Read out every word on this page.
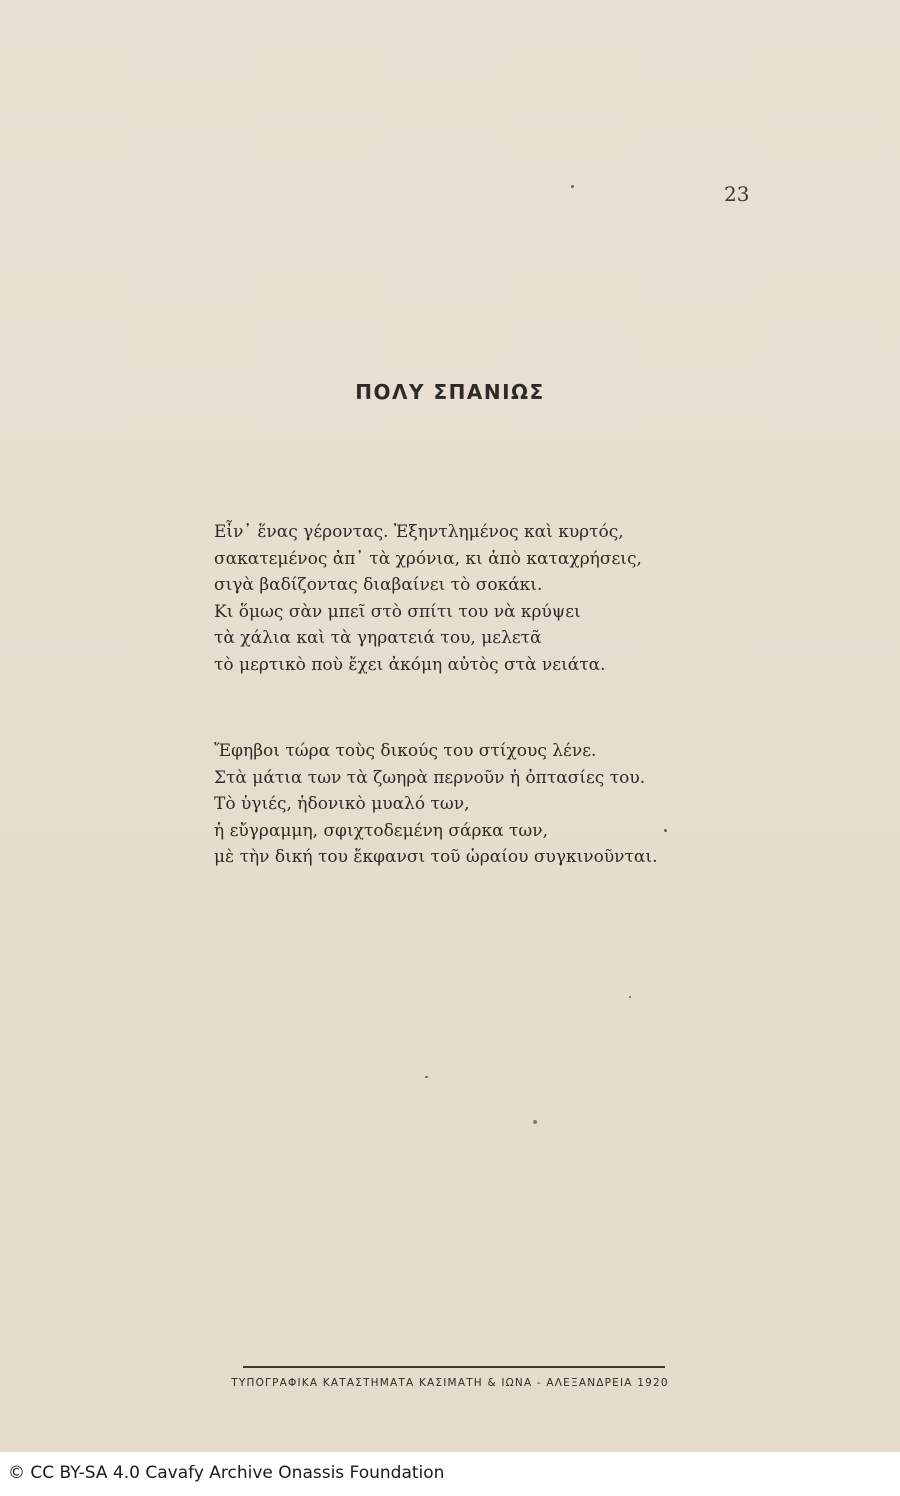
23
ΠΟΛΥ ΣΠΑΝΙΩΣ
Εἶν᾽ ἕνας γέροντας. Ἐξηντλημένος καὶ κυρτός,
σακατεμένος ἀπ᾽ τὰ χρόνια, κι ἀπὸ καταχρήσεις,
σιγὰ βαδίζοντας διαβαίνει τὸ σοκάκι.
Κι ὅμως σὰν μπεῖ στὸ σπίτι του νὰ κρύψει
τὰ χάλια καὶ τὰ γηρατειά του, μελετᾶ
τὸ μερτικὸ ποὺ ἔχει ἀκόμη αὐτὸς στὰ νειάτα.
Ἔφηβοι τώρα τοὺς δικούς του στίχους λένε.
Στὰ μάτια των τὰ ζωηρὰ περνοῦν ἡ ὀπτασίες του.
Τὸ ὑγιές, ἡδονικὸ μυαλό των,
ἡ εὔγραμμη, σφιχτοδεμένη σάρκα των,
μὲ τὴν δική του ἔκφανσι τοῦ ὡραίου συγκινοῦνται.
ΤΥΠΟΓΡΑΦΙΚΑ ΚΑΤΑΣΤΗΜΑΤΑ ΚΑΣΙΜΑΤΗ & ΙΩΝΑ - ΑΛΕΞΑΝΔΡΕΙΑ 1920
© CC BY-SA 4.0 Cavafy Archive Onassis Foundation
